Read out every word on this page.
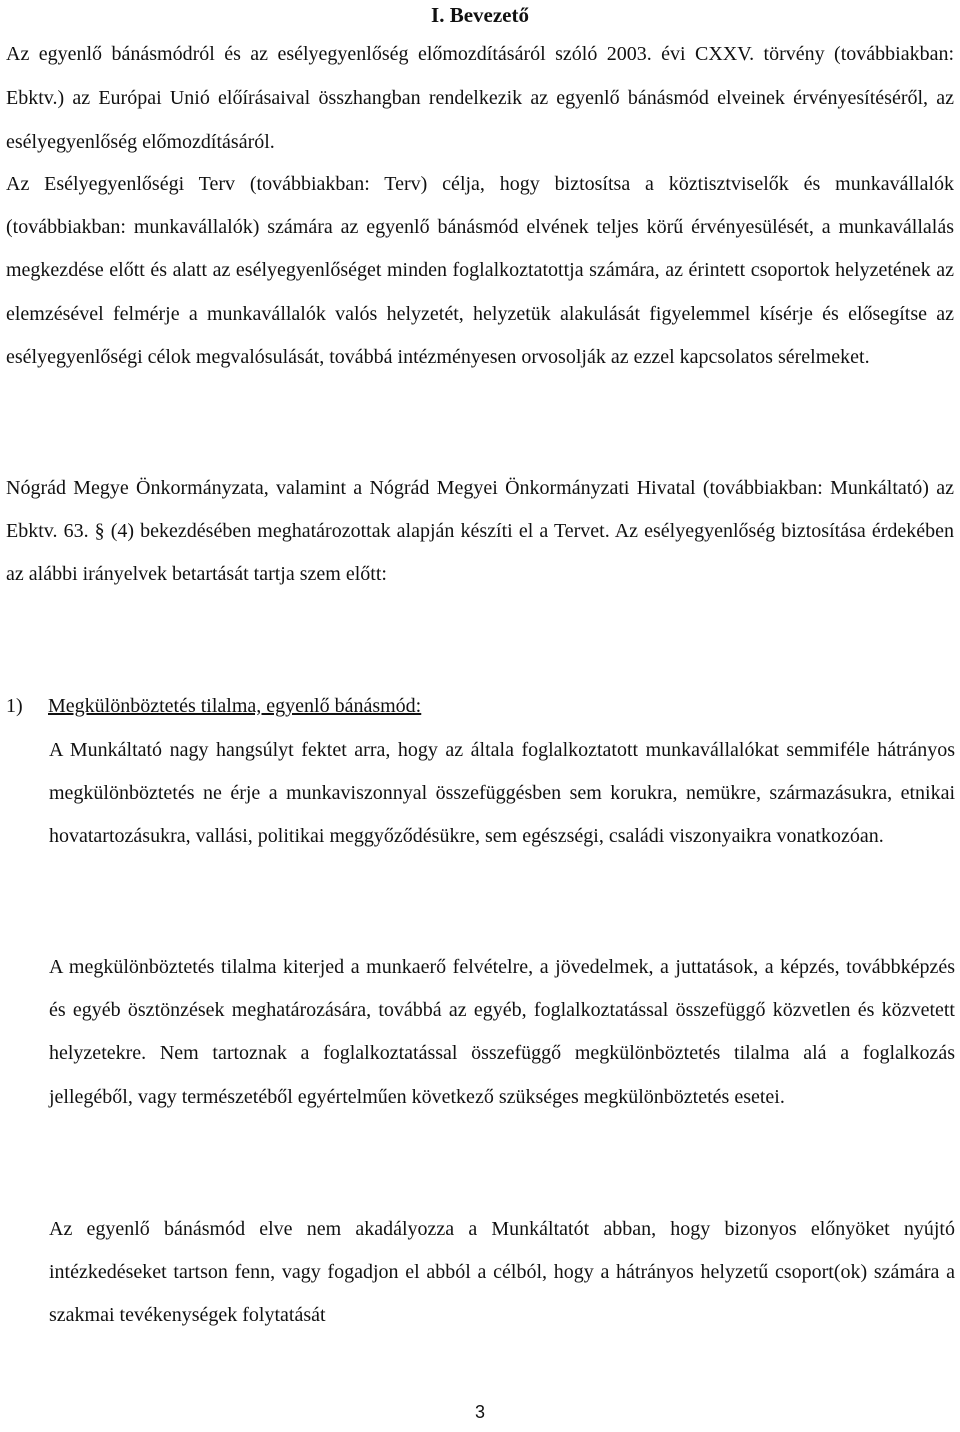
I. Bevezető

Az egyenlő bánásmódról és az esélyegyenlőség előmozdításáról szóló 2003. évi CXXV. törvény (továbbiakban: Ebktv.) az Európai Unió előírásaival összhangban rendelkezik az egyenlő bánásmód elveinek érvényesítéséről, az esélyegyenlőség előmozdításáról.

Az Esélyegyenlőségi Terv (továbbiakban: Terv) célja, hogy biztosítsa a köztisztviselők és munkavállalók (továbbiakban: munkavállalók) számára az egyenlő bánásmód elvének teljes körű érvényesülését, a munkavállalás megkezdése előtt és alatt az esélyegyenlőséget minden foglalkoztatottja számára, az érintett csoportok helyzetének az elemzésével felmérje a munkavállalók valós helyzetét, helyzetük alakulását figyelemmel kísérje és elősegítse az esélyegyenlőségi célok megvalósulását, továbbá intézményesen orvosolják az ezzel kapcsolatos sérelmeket.

Nógrád Megye Önkormányzata, valamint a Nógrád Megyei Önkormányzati Hivatal (továbbiakban: Munkáltató) az Ebktv. 63. § (4) bekezdésében meghatározottak alapján készíti el a Tervet. Az esélyegyenlőség biztosítása érdekében az alábbi irányelvek betartását tartja szem előtt:

1) Megkülönböztetés tilalma, egyenlő bánásmód:

A Munkáltató nagy hangsúlyt fektet arra, hogy az általa foglalkoztatott munkavállalókat semmiféle hátrányos megkülönböztetés ne érje a munkaviszonnyal összefüggésben sem korukra, nemükre, származásukra, etnikai hovatartozásukra, vallási, politikai meggyőződésükre, sem egészségi, családi viszonyaikra vonatkozóan.

A megkülönböztetés tilalma kiterjed a munkaerő felvételre, a jövedelmek, a juttatások, a képzés, továbbképzés és egyéb ösztönzések meghatározására, továbbá az egyéb, foglalkoztatással összefüggő közvetlen és közvetett helyzetekre. Nem tartoznak a foglalkoztatással összefüggő megkülönböztetés tilalma alá a foglalkozás jellegéből, vagy természetéből egyértelműen következő szükséges megkülönböztetés esetei.

Az egyenlő bánásmód elve nem akadályozza a Munkáltatót abban, hogy bizonyos előnyöket nyújtó intézkedéseket tartson fenn, vagy fogadjon el abból a célból, hogy a hátrányos helyzetű csoport(ok) számára a szakmai tevékenységek folytatását

3
